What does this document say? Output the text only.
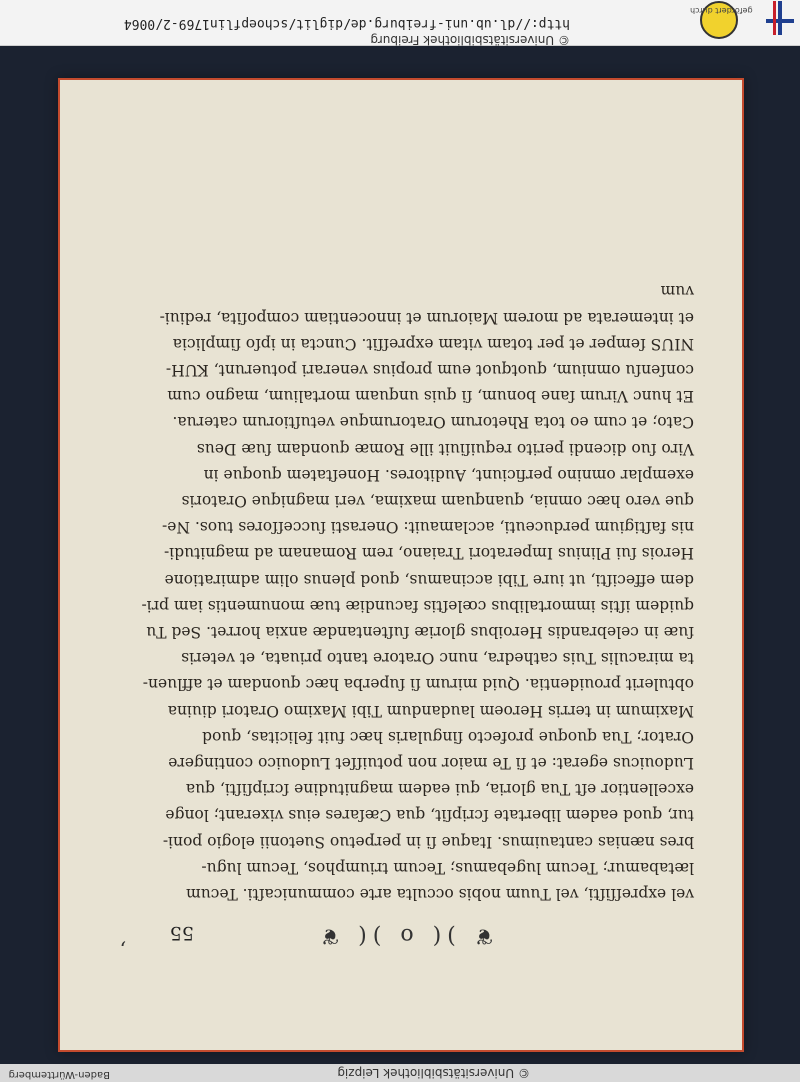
© Universitätsbibliothek Leipzig
Baden-Württemberg
,
55	❦ )( o )( ❦
vel expreſſiſti, vel Tuum nobis occulta arte communicaſti. Tecum
lætabamur; Tecum lugebamus; Tecum triumphos, Tecum lugu-
bres nænias cantauimus. Itaque ſi in perpetuo Suetonii elogio poni-
tur, quod eadem libertate ſcripſit, qua Cæſares eius vixerant; longe
excellentior eſt Tua gloria, qui eadem magnitudine ſcripſiſti, qua
Ludouicus egerat: et ſi Te maior non potuiſſet Ludouico contingere
Orator; Tua quoque profecto ſingularis hæc fuit felicitas, quod
Maximum in terris Heroem laudandum Tibi Maximo Oratori diuina
obtulerit prouidentia. Quid mirum ſi ſuperba hæc quondam et affluen-
ta miraculis Tuis cathedra, nunc Oratore tanto priuata, et veteris
ſuæ in celebrandis Heroibus gloriæ ſuſtentandæ anxia horret. Sed Tu
quidem iſtis immortalibus cœleſtis facundiæ tuæ monumentis iam pri-
dem effeciſti, ut iure Tibi accinamus, quod plenus olim admiratione
Herois ſui Plinius Imperatori Traiano, rem Romanam ad magnitudi-
nis faſtigium perduceuti, acclamauit: Onerasti ſucceſſores tuos. Ne-
que vero hæc omnia, quanquam maxima, veri magnique Oratoris
exemplar omnino perficiunt, Auditores. Honeſtatem quoque in
Viro ſuo dicendi perito requiſiuit ille Romæ quondam ſuæ Deus
Cato; et cum eo tota Rhetorum Oratorumque vetuſtiorum caterua.
Et hunc Virum ſane bonum, ſi quis unquam mortalium, magno cum
conſenſu omnium, quotquot eum propius venerari potuerunt, KUH-
NIUS ſemper et per totam vitam expreſſit. Cuncta in ipſo ſimplicia
et intemerata ad morem Maiorum et innocentiam compoſita, rediui-
vum
© Universitätsbibliothek Freiburg
http://dl.ub.uni-freiburg.de/diglit/schoepflin1769-2/0064
gefördert durch
